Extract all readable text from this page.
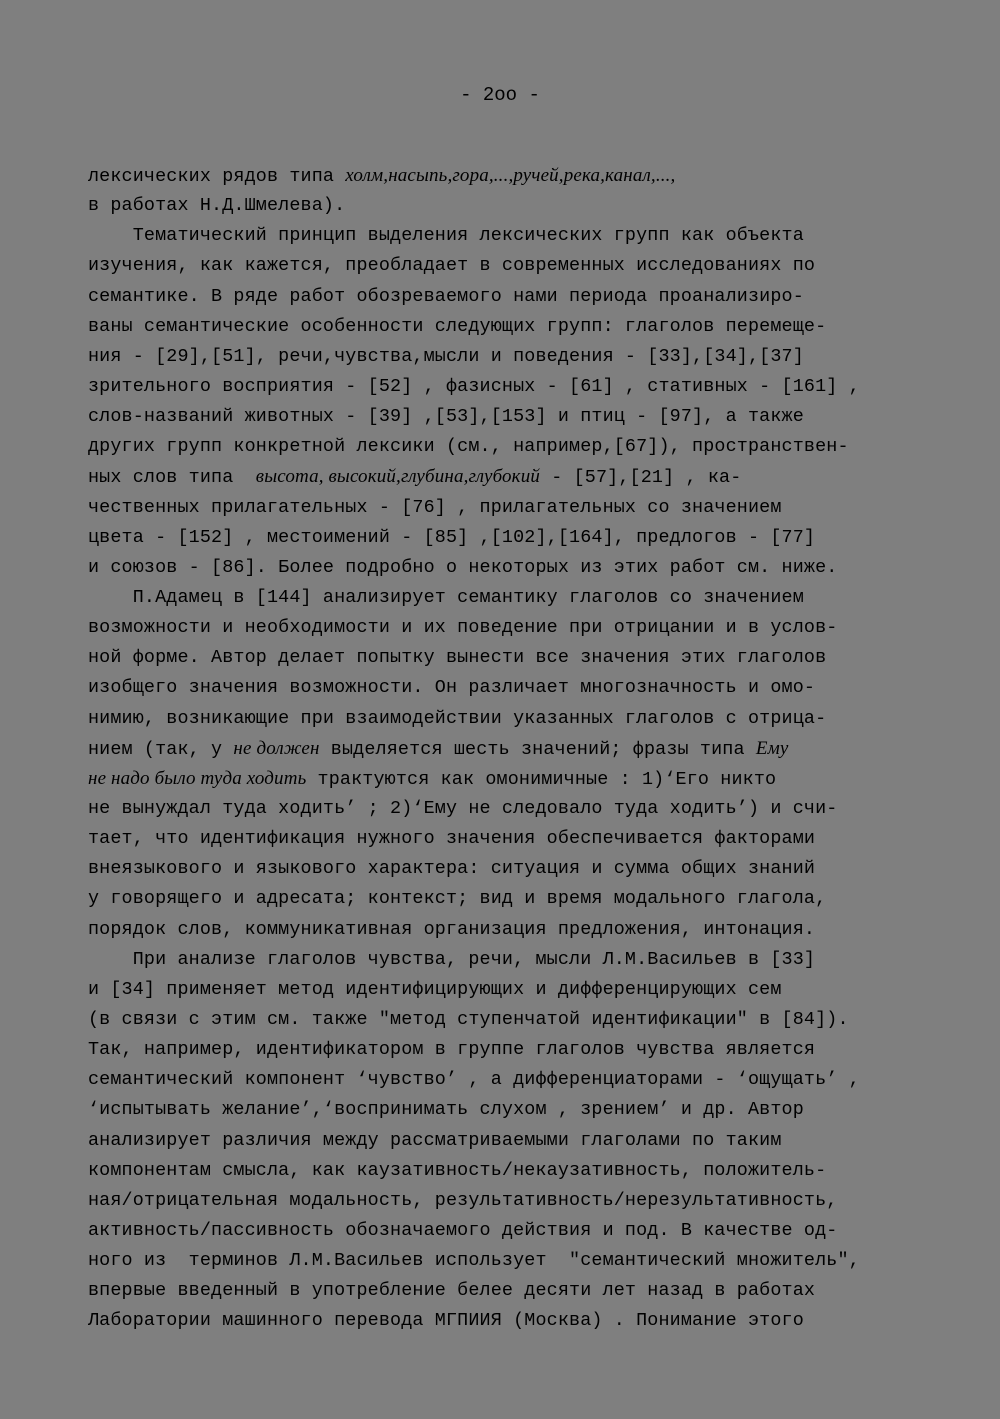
- 2oo -
лексических рядов типа холм,насыпь,гора,...,ручей,река,канал,...,
в работах Н.Д.Шмелева).
Тематический принцип выделения лексических групп как объекта
изучения, как кажется, преобладает в современных исследованиях по
семантике. В ряде работ обозреваемого нами периода проанализиро-
ваны семантические особенности следующих групп: глаголов перемеще-
ния - [29],[51], речи,чувства,мысли и поведения - [33],[34],[37]
зрительного восприятия - [52] , фазисных - [61] , стативных - [161] ,
слов-названий животных - [39] ,[53],[153] и птиц - [97], а также
других групп конкретной лексики (см., например,[67]), пространствен-
ных слов типа  высота, высокий,глубина,глубокий - [57],[21] , ка-
чественных прилагательных - [76] , прилагательных со значением
цвета - [152] , местоимений - [85] ,[102],[164], предлогов - [77]
и союзов - [86]. Более подробно о некоторых из этих работ см. ниже.
П.Адамец в [144] анализирует семантику глаголов со значением
возможности и необходимости и их поведение при отрицании и в услов-
ной форме. Автор делает попытку вынести все значения этих глаголов
изобщего значения возможности. Он различает многозначность и омо-
нимию, возникающие при взаимодействии указанных глаголов с отрица-
нием (так, у не должен выделяется шесть значений; фразы типа Ему
не надо было туда ходить трактуются как омонимичные : 1)‘Его никто
не вынуждал туда ходить’ ; 2)‘Ему не следовало туда ходить’) и счи-
тает, что идентификация нужного значения обеспечивается факторами
внеязыкового и языкового характера: ситуация и сумма общих знаний
у говорящего и адресата; контекст; вид и время модального глагола,
порядок слов, коммуникативная организация предложения, интонация.
При анализе глаголов чувства, речи, мысли Л.М.Васильев в [33]
и [34] применяет метод идентифицирующих и дифференцирующих сем
(в связи с этим см. также "метод ступенчатой идентификации" в [84]).
Так, например, идентификатором в группе глаголов чувства является
семантический компонент ‘чувство’ , а дифференциаторами - ‘ощущать’ ,
‘испытывать желание’,‘воспринимать слухом , зрением’ и др. Автор
анализирует различия между рассматриваемыми глаголами по таким
компонентам смысла, как каузативность/некаузативность, положитель-
ная/отрицательная модальность, результативность/нерезультативность,
активность/пассивность обозначаемого действия и под. В качестве од-
ного из  терминов Л.М.Васильев использует  "семантический множитель",
впервые введенный в употребление белее десяти лет назад в работах
Лаборатории машинного перевода МГПИИЯ (Москва) . Понимание этого
